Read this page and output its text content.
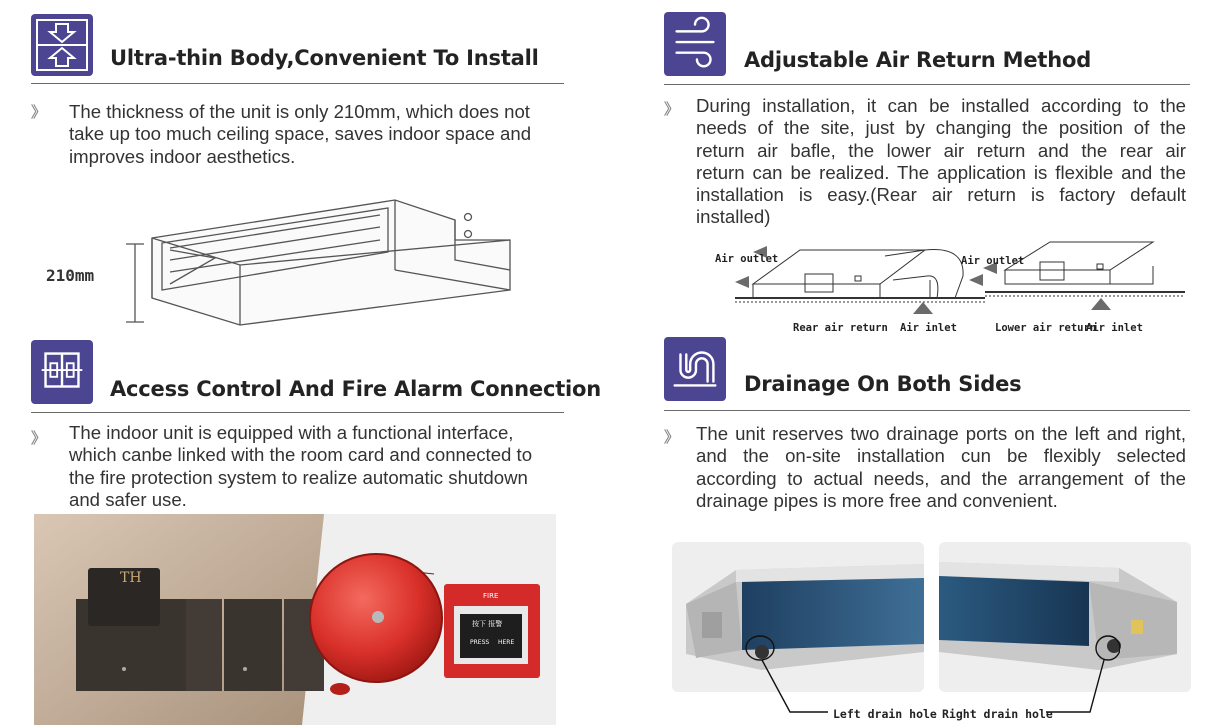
Ultra-thin Body,Convenient To Install
》 The thickness of the unit is only 210mm, which does not
take up too much ceiling space, saves indoor space and
improves indoor aesthetics.
210mm
Access Control And Fire Alarm Connection
》 The indoor unit is equipped with a functional interface,
which canbe linked with the room card and connected to
the fire protection system to realize automatic shutdown
and safer use.
TH
FIRE
按下 报警
PRESS HERE
Adjustable Air Return Method
》 During installation, it can be installed according to the
needs of the site, just by changing the position of the
return air bafle, the lower air return and the rear air
return can be realized. The application is flexible and the
installation is easy.(Rear air return is factory default
installed)
Air outlet	Air outlet
Rear air return Air inlet	Lower air return
Air inlet
Drainage On Both Sides
》 The unit reserves two drainage ports on the left and right,
and the on-site installation cun be flexibly selected
according to actual needs, and the arrangement of the
drainage pipes is more free and convenient.
Left drain hole Right drain hole
